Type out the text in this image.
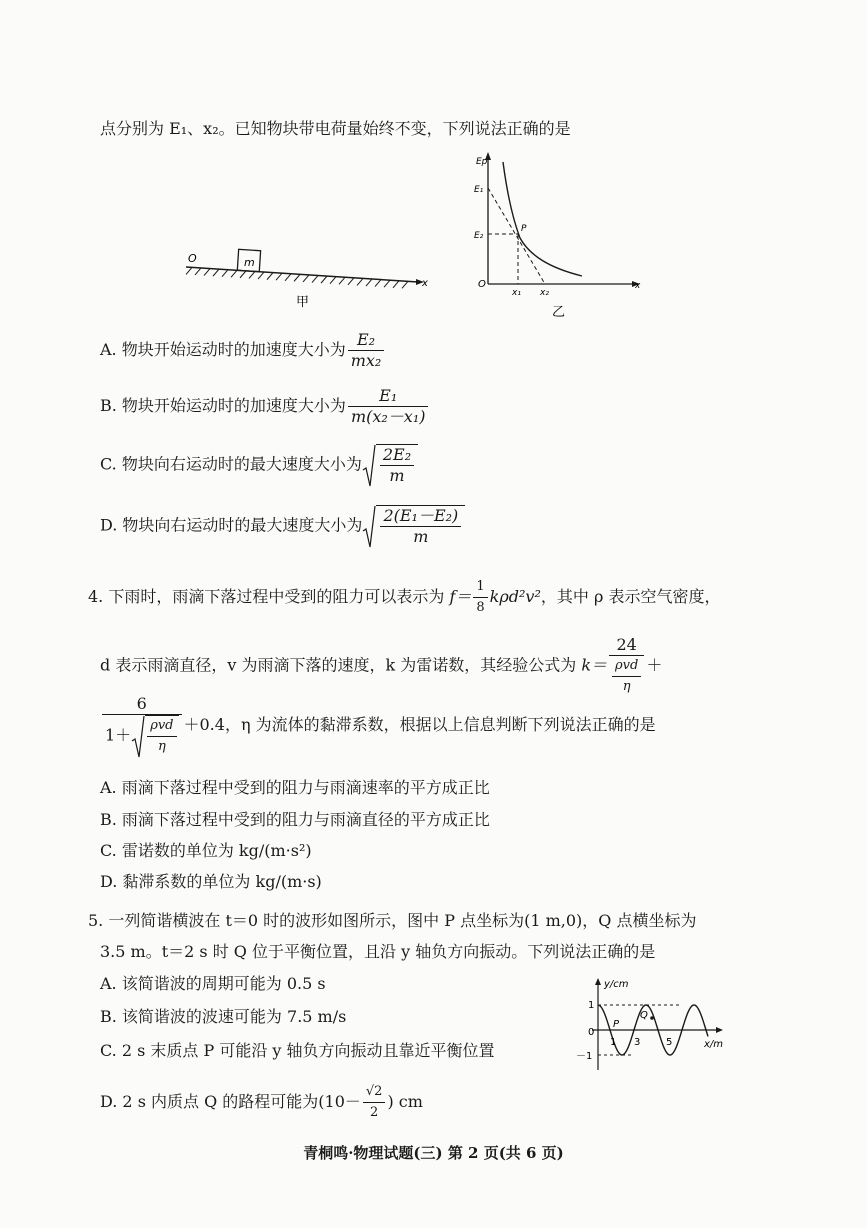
点分别为 E₁、x₂。已知物块带电荷量始终不变，下列说法正确的是
m
O
x
甲
Ep
E₁
E₂
P
O
x₁ x₂
x
乙
A. 物块开始运动时的加速度大小为 $\frac{\text{E₂}}{\text{mx₂}}$
B. 物块开始运动时的加速度大小为 $\frac{\text{E₁}}{\text{m(x₂－x₁)}}$
C. 物块向右运动时的最大速度大小为 $\frac{\text{2E₂}}{m}$
D. 物块向右运动时的最大速度大小为 $\frac{\text{2(E₁－E₂)}}{m}$
4. 下雨时，雨滴下落过程中受到的阻力可以表示为 $f= \frac{1}{8} k\rho d^2v^2$，其中 ρ 表示空气密度，
d 表示雨滴直径，v 为雨滴下落的速度，k 为雷诺数，其经验公式为 $k= \frac{24}{\frac{\text{ρvd}}{\eta}}$ ＋
$\frac{6}{1+ \frac{\text{ρvd}}{\eta}} +0.4$，η 为流体的黏滞系数，根据以上信息判断下列说法正确的是
A. 雨滴下落过程中受到的阻力与雨滴速率的平方成正比
B. 雨滴下落过程中受到的阻力与雨滴直径的平方成正比
C. 雷诺数的单位为 kg/(m·s²)
D. 黏滞系数的单位为 kg/(m·s)
5. 一列简谐横波在 t＝0 时的波形如图所示，图中 P 点坐标为(1 m,0)，Q 点横坐标为
3.5 m。t＝2 s 时 Q 位于平衡位置，且沿 y 轴负方向振动。下列说法正确的是
A. 该简谐波的周期可能为 0.5 s
B. 该简谐波的波速可能为 7.5 m/s
C. 2 s 末质点 P 可能沿 y 轴负方向振动且靠近平衡位置
D. 2 s 内质点 Q 的路程可能为($10- \frac{√2}{2}$ ) cm
y/cm
1
0
－1
P
Q
1 3	5	x/m
青桐鸣·物理试题(三) 第 2 页(共 6 页)
